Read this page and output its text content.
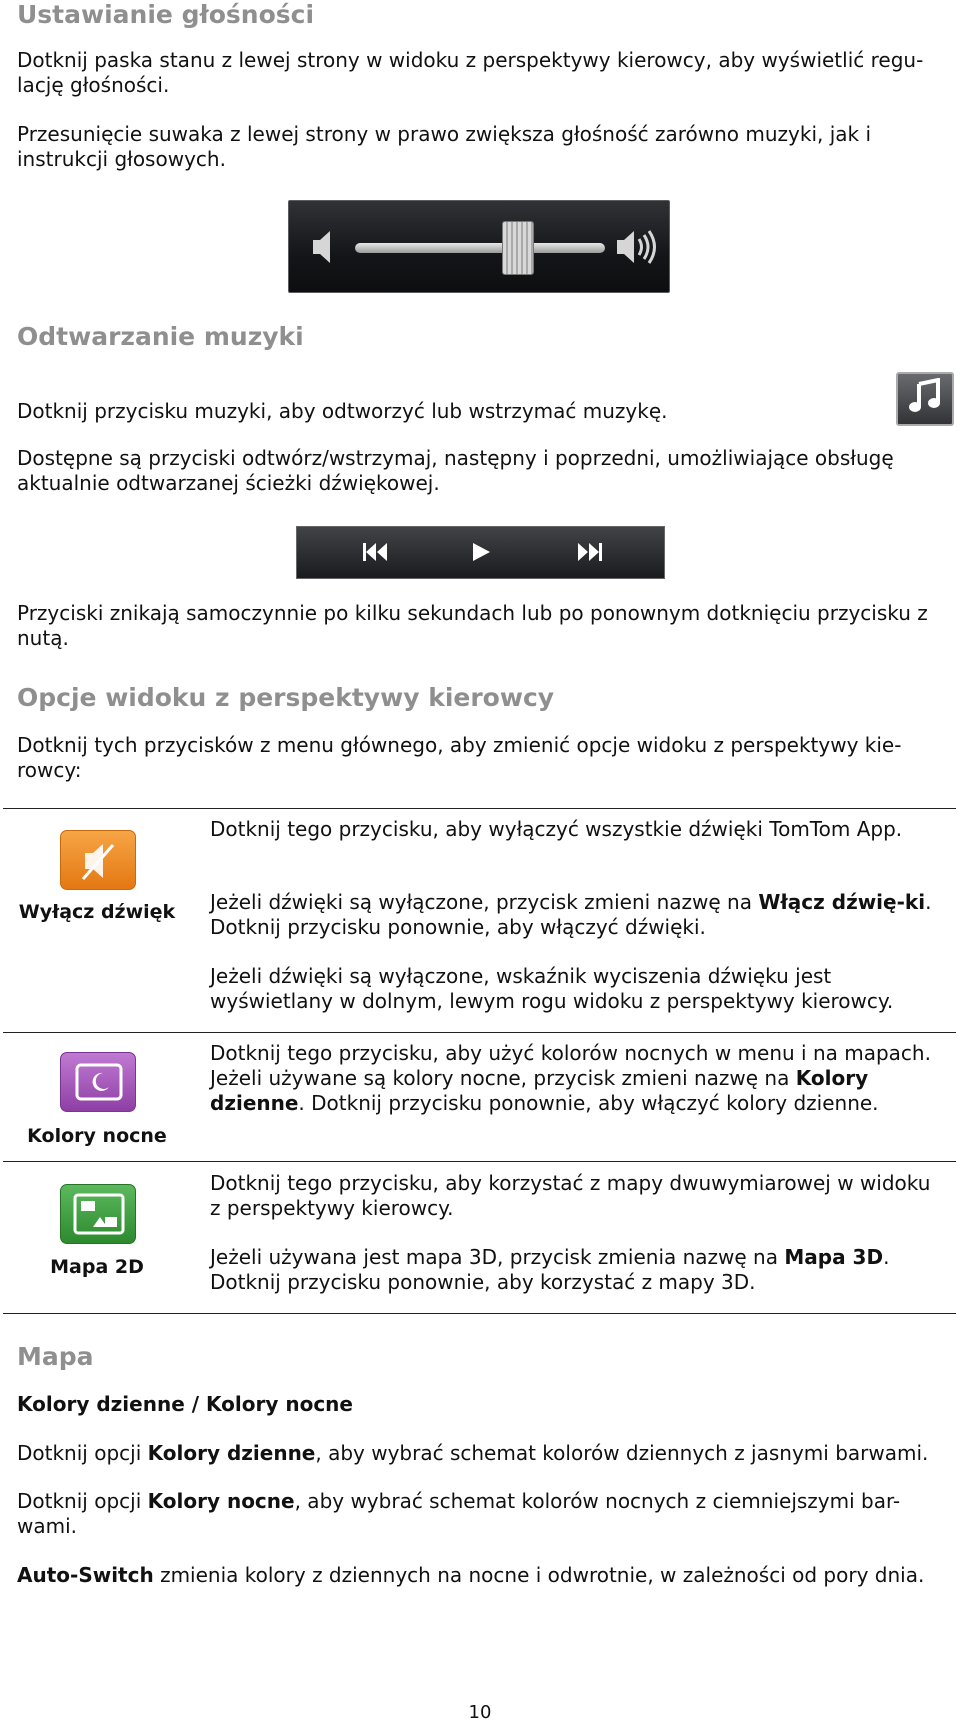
Ustawianie głośności

Dotknij paska stanu z lewej strony w widoku z perspektywy kierowcy, aby wyświetlić regu-lację głośności.

Przesunięcie suwaka z lewej strony w prawo zwiększa głośność zarówno muzyki, jak i instrukcji głosowych.

Odtwarzanie muzyki

Dotknij przycisku muzyki, aby odtworzyć lub wstrzymać muzykę.

Dostępne są przyciski odtwórz/wstrzymaj, następny i poprzedni, umożliwiające obsługę aktualnie odtwarzanej ścieżki dźwiękowej.

Przyciski znikają samoczynnie po kilku sekundach lub po ponownym dotknięciu przycisku z nutą.

Opcje widoku z perspektywy kierowcy

Dotknij tych przycisków z menu głównego, aby zmienić opcje widoku z perspektywy kie-rowcy:

Wyłącz dźwięk

Dotknij tego przycisku, aby wyłączyć wszystkie dźwięki TomTom App.

Jeżeli dźwięki są wyłączone, przycisk zmieni nazwę na Włącz dźwię-ki. Dotknij przycisku ponownie, aby włączyć dźwięki.

Jeżeli dźwięki są wyłączone, wskaźnik wyciszenia dźwięku jest wyświetlany w dolnym, lewym rogu widoku z perspektywy kierowcy.

Kolory nocne

Dotknij tego przycisku, aby użyć kolorów nocnych w menu i na mapach. Jeżeli używane są kolory nocne, przycisk zmieni nazwę na Kolory dzienne. Dotknij przycisku ponownie, aby włączyć kolory dzienne.

Mapa 2D

Dotknij tego przycisku, aby korzystać z mapy dwuwymiarowej w widoku z perspektywy kierowcy.

Jeżeli używana jest mapa 3D, przycisk zmienia nazwę na Mapa 3D. Dotknij przycisku ponownie, aby korzystać z mapy 3D.

Mapa

Kolory dzienne / Kolory nocne

Dotknij opcji Kolory dzienne, aby wybrać schemat kolorów dziennych z jasnymi barwami.

Dotknij opcji Kolory nocne, aby wybrać schemat kolorów nocnych z ciemniejszymi bar-wami.

Auto-Switch zmienia kolory z dziennych na nocne i odwrotnie, w zależności od pory dnia.

10
